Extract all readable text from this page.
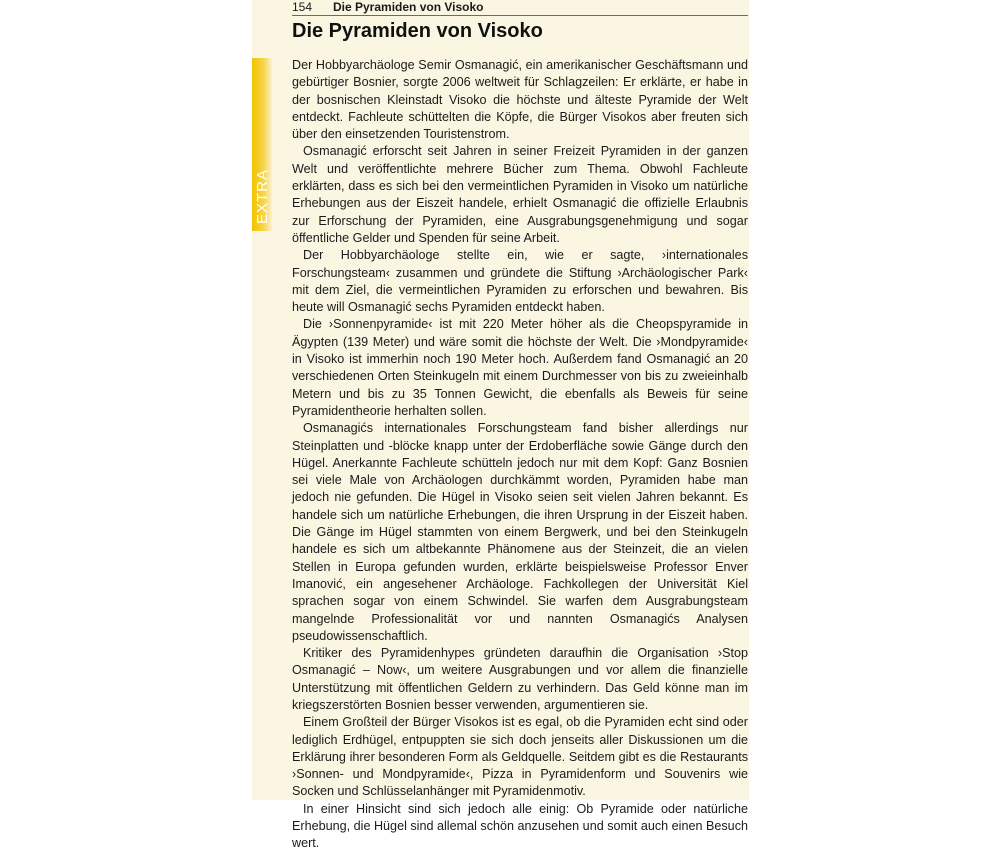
154 Die Pyramiden von Visoko
EXTRA
Die Pyramiden von Visoko

Der Hobbyarchäologe Semir Osmanagić, ein amerikanischer Geschäftsmann und gebürtiger Bosnier, sorgte 2006 weltweit für Schlagzeilen: Er erklärte, er habe in der bosnischen Kleinstadt Visoko die höchste und älteste Pyramide der Welt entdeckt. Fachleute schüttelten die Köpfe, die Bürger Visokos aber freuten sich über den einsetzenden Touristenstrom.

Osmanagić erforscht seit Jahren in seiner Freizeit Pyramiden in der ganzen Welt und veröffentlichte mehrere Bücher zum Thema. Obwohl Fachleute erklärten, dass es sich bei den vermeintlichen Pyramiden in Visoko um natürliche Erhebungen aus der Eiszeit handele, erhielt Osmanagić die offizielle Erlaubnis zur Erforschung der Pyramiden, eine Ausgrabungsgenehmigung und sogar öffentliche Gelder und Spenden für seine Arbeit.

Der Hobbyarchäologe stellte ein, wie er sagte, ›internationales Forschungsteam‹ zusammen und gründete die Stiftung ›Archäologischer Park‹ mit dem Ziel, die vermeintlichen Pyramiden zu erforschen und bewahren. Bis heute will Osmanagić sechs Pyramiden entdeckt haben.

Die ›Sonnenpyramide‹ ist mit 220 Meter höher als die Cheopspyramide in Ägypten (139 Meter) und wäre somit die höchste der Welt. Die ›Mondpyramide‹ in Visoko ist immerhin noch 190 Meter hoch. Außerdem fand Osmanagić an 20 verschiedenen Orten Steinkugeln mit einem Durchmesser von bis zu zweieinhalb Metern und bis zu 35 Tonnen Gewicht, die ebenfalls als Beweis für seine Pyramidentheorie herhalten sollen.

Osmanagićs internationales Forschungsteam fand bisher allerdings nur Steinplatten und -blöcke knapp unter der Erdoberfläche sowie Gänge durch den Hügel. Anerkannte Fachleute schütteln jedoch nur mit dem Kopf: Ganz Bosnien sei viele Male von Archäologen durchkämmt worden, Pyramiden habe man jedoch nie gefunden. Die Hügel in Visoko seien seit vielen Jahren bekannt. Es handele sich um natürliche Erhebungen, die ihren Ursprung in der Eiszeit haben. Die Gänge im Hügel stammten von einem Bergwerk, und bei den Steinkugeln handele es sich um altbekannte Phänomene aus der Steinzeit, die an vielen Stellen in Europa gefunden wurden, erklärte beispielsweise Professor Enver Imanović, ein angesehener Archäologe. Fachkollegen der Universität Kiel sprachen sogar von einem Schwindel. Sie warfen dem Ausgrabungsteam mangelnde Professionalität vor und nannten Osmanagićs Analysen pseudowissenschaftlich.

Kritiker des Pyramidenhypes gründeten daraufhin die Organisation ›Stop Osmanagić – Now‹, um weitere Ausgrabungen und vor allem die finanzielle Unterstützung mit öffentlichen Geldern zu verhindern. Das Geld könne man im kriegszerstörten Bosnien besser verwenden, argumentieren sie.

Einem Großteil der Bürger Visokos ist es egal, ob die Pyramiden echt sind oder lediglich Erdhügel, entpuppten sie sich doch jenseits aller Diskussionen um die Erklärung ihrer besonderen Form als Geldquelle. Seitdem gibt es die Restaurants ›Sonnen- und Mondpyramide‹, Pizza in Pyramidenform und Souvenirs wie Socken und Schlüsselanhänger mit Pyramidenmotiv.

In einer Hinsicht sind sich jedoch alle einig: Ob Pyramide oder natürliche Erhebung, die Hügel sind allemal schön anzusehen und somit auch einen Besuch wert.
